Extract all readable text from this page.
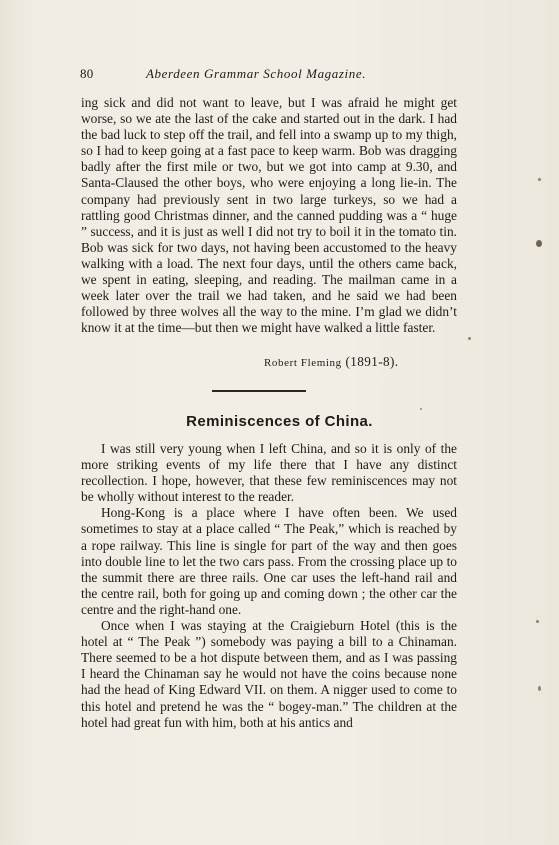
80	Aberdeen Grammar School Magazine.

ing sick and did not want to leave, but I was afraid he might get worse, so we ate the last of the cake and started out in the dark. I had the bad luck to step off the trail, and fell into a swamp up to my thigh, so I had to keep going at a fast pace to keep warm. Bob was dragging badly after the first mile or two, but we got into camp at 9.30, and Santa-Claused the other boys, who were enjoying a long lie-in. The company had previously sent in two large turkeys, so we had a rattling good Christmas dinner, and the canned pudding was a “ huge ” success, and it is just as well I did not try to boil it in the tomato tin. Bob was sick for two days, not having been accustomed to the heavy walking with a load. The next four days, until the others came back, we spent in eating, sleeping, and reading. The mailman came in a week later over the trail we had taken, and he said we had been followed by three wolves all the way to the mine. I’m glad we didn’t know it at the time—but then we might have walked a little faster.

Robert Fleming (1891-8).
Reminiscences of China.

I was still very young when I left China, and so it is only of the more striking events of my life there that I have any distinct recollection. I hope, however, that these few reminiscences may not be wholly without interest to the reader.

Hong-Kong is a place where I have often been. We used sometimes to stay at a place called “ The Peak,” which is reached by a rope railway. This line is single for part of the way and then goes into double line to let the two cars pass. From the crossing place up to the summit there are three rails. One car uses the left-hand rail and the centre rail, both for going up and coming down ; the other car the centre and the right-hand one.

Once when I was staying at the Craigieburn Hotel (this is the hotel at “ The Peak ”) somebody was paying a bill to a Chinaman. There seemed to be a hot dispute between them, and as I was passing I heard the Chinaman say he would not have the coins because none had the head of King Edward VII. on them. A nigger used to come to this hotel and pretend he was the “ bogey-man.” The children at the hotel had great fun with him, both at his antics and
